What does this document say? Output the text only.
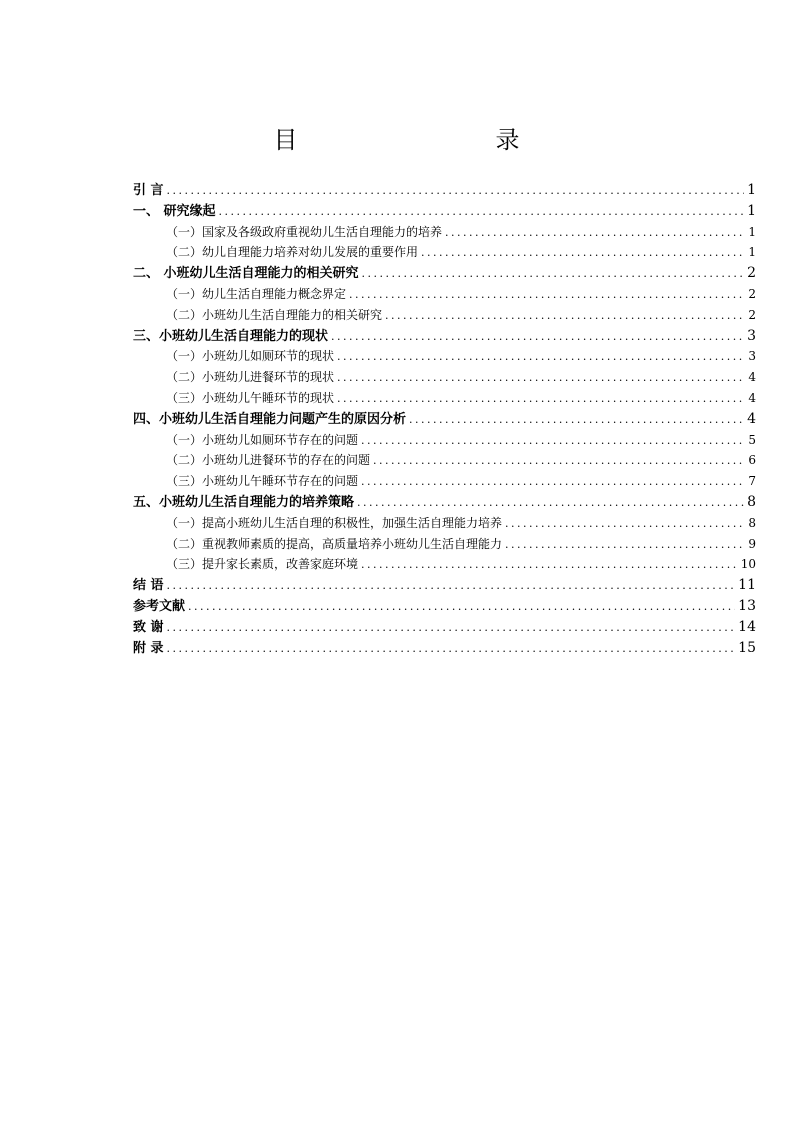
目　　录
引 言 .....	1
一、 研究缘起 .....	1
（一）国家及各级政府重视幼儿生活自理能力的培养 .....	1
（二）幼儿自理能力培养对幼儿发展的重要作用 .....	1
二、 小班幼儿生活自理能力的相关研究 .....	2
（一）幼儿生活自理能力概念界定 .....	2
（二）小班幼儿生活自理能力的相关研究 .....	2
三、小班幼儿生活自理能力的现状 .....	3
（一）小班幼儿如厕环节的现状 .....	3
（二）小班幼儿进餐环节的现状 .....	4
（三）小班幼儿午睡环节的现状 .....	4
四、小班幼儿生活自理能力问题产生的原因分析 .....	4
（一）小班幼儿如厕环节存在的问题 .....	5
（二）小班幼儿进餐环节的存在的问题 .....	6
（三）小班幼儿午睡环节存在的问题 .....	7
五、小班幼儿生活自理能力的培养策略 .....	8
（一）提高小班幼儿生活自理的积极性，加强生活自理能力培养 .....	8
（二）重视教师素质的提高，高质量培养小班幼儿生活自理能力 .....	9
（三）提升家长素质，改善家庭环境 .....	10
结 语 .....	11
参考文献 .....	13
致 谢 .....	14
附 录 .....	15
